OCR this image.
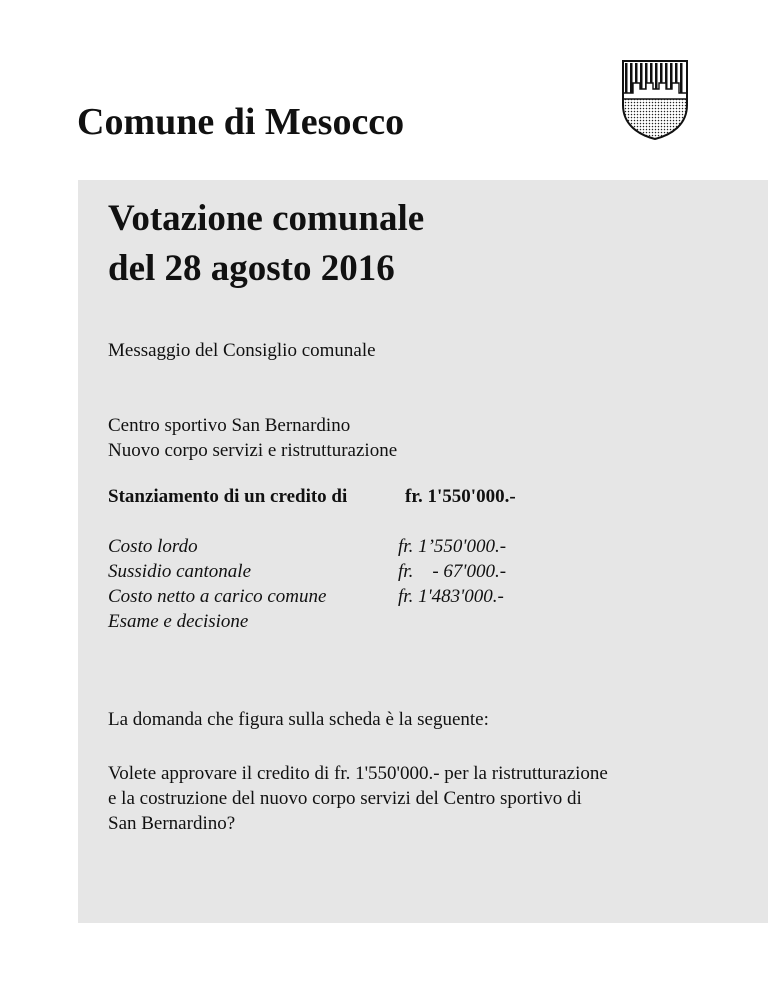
Comune di Mesocco
Votazione comunale
del 28 agosto 2016

Messaggio del Consiglio comunale

Centro sportivo San Bernardino
Nuovo corpo servizi e ristrutturazione

Stanziamento di un credito di	fr. 1'550'000.-
Costo lordo	fr. 1’550'000.-
Sussidio cantonale	fr.    - 67'000.-
Costo netto a carico comune	fr. 1'483'000.-
Esame e decisione

La domanda che figura sulla scheda è la seguente:

Volete approvare il credito di fr. 1'550'000.- per la ristrutturazione
e la costruzione del nuovo corpo servizi del Centro sportivo di
San Bernardino?
